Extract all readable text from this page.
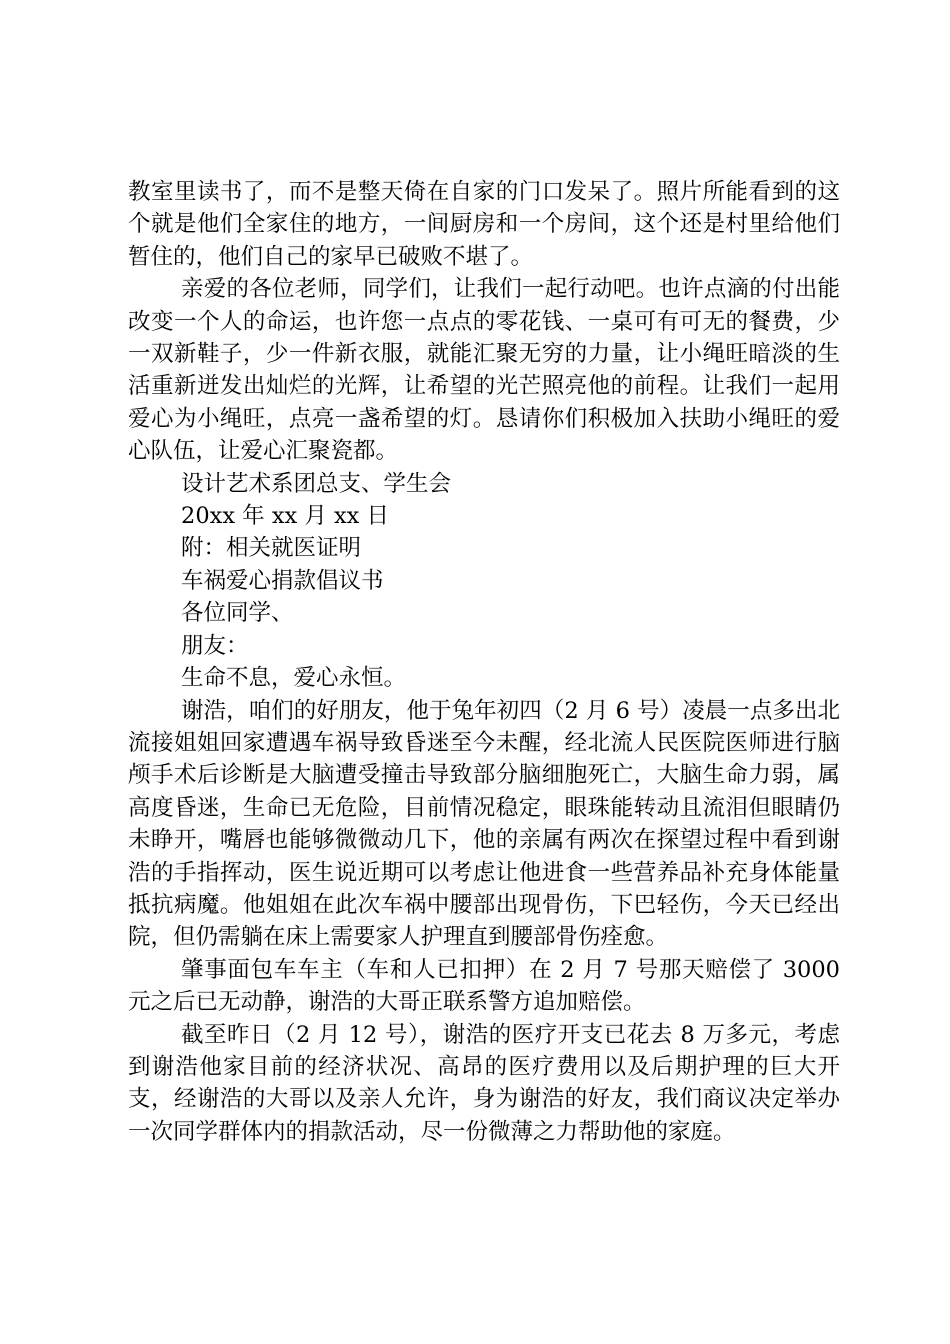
教室里读书了，而不是整天倚在自家的门口发呆了。照片所能看到的这个就是他们全家住的地方，一间厨房和一个房间，这个还是村里给他们暂住的，他们自己的家早已破败不堪了。

亲爱的各位老师，同学们，让我们一起行动吧。也许点滴的付出能改变一个人的命运，也许您一点点的零花钱、一桌可有可无的餐费，少一双新鞋子，少一件新衣服，就能汇聚无穷的力量，让小绳旺暗淡的生活重新迸发出灿烂的光辉，让希望的光芒照亮他的前程。让我们一起用爱心为小绳旺，点亮一盏希望的灯。恳请你们积极加入扶助小绳旺的爱心队伍，让爱心汇聚瓷都。

设计艺术系团总支、学生会

20xx 年 xx 月 xx 日

附：相关就医证明

车祸爱心捐款倡议书

各位同学、

朋友：

生命不息，爱心永恒。

谢浩，咱们的好朋友，他于兔年初四（2 月 6 号）凌晨一点多出北流接姐姐回家遭遇车祸导致昏迷至今未醒，经北流人民医院医师进行脑颅手术后诊断是大脑遭受撞击导致部分脑细胞死亡，大脑生命力弱，属高度昏迷，生命已无危险，目前情况稳定，眼珠能转动且流泪但眼睛仍未睁开，嘴唇也能够微微动几下，他的亲属有两次在探望过程中看到谢浩的手指挥动，医生说近期可以考虑让他进食一些营养品补充身体能量抵抗病魔。他姐姐在此次车祸中腰部出现骨伤，下巴轻伤，今天已经出院，但仍需躺在床上需要家人护理直到腰部骨伤痊愈。

肇事面包车车主（车和人已扣押）在 2 月 7 号那天赔偿了 3000 元之后已无动静，谢浩的大哥正联系警方追加赔偿。

截至昨日（2 月 12 号），谢浩的医疗开支已花去 8 万多元，考虑到谢浩他家目前的经济状况、高昂的医疗费用以及后期护理的巨大开支，经谢浩的大哥以及亲人允许，身为谢浩的好友，我们商议决定举办一次同学群体内的捐款活动，尽一份微薄之力帮助他的家庭。
